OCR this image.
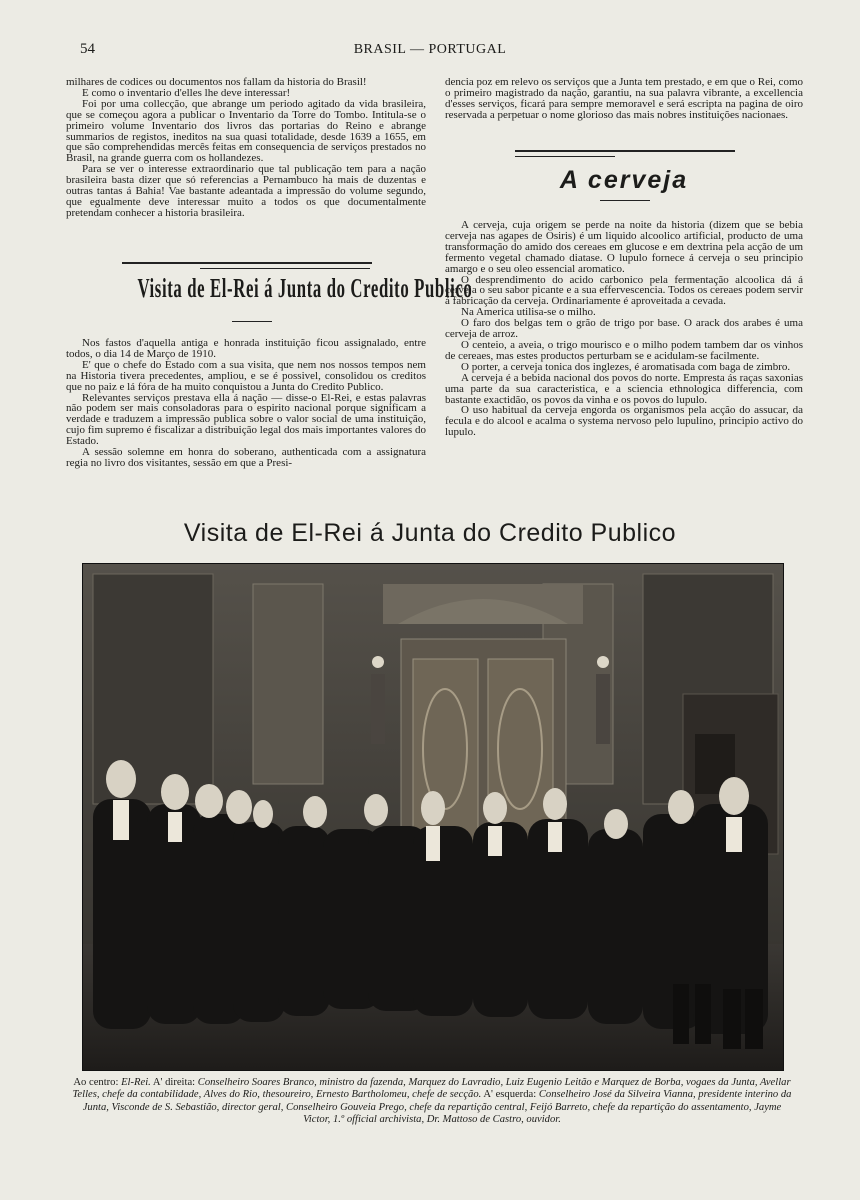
54	BRASIL — PORTUGAL

milhares de codices ou documentos nos fallam da historia do Brasil!

E como o inventario d'elles lhe deve interessar!

Foi por uma collecção, que abrange um periodo agitado da vida brasileira, que se começou agora a publicar o Inventario da Torre do Tombo. Intitula-se o primeiro volume Inventario dos livros das portarias do Reino e abrange summarios de registos, ineditos na sua quasi totalidade, desde 1639 a 1655, em que são comprehendidas mercês feitas em consequencia de serviços prestados no Brasil, na grande guerra com os hollandezes.

Para se ver o interesse extraordinario que tal publicação tem para a nação brasileira basta dizer que só referencias a Pernambuco ha mais de duzentas e outras tantas á Bahia! Vae bastante adeantada a impressão do volume segundo, que egualmente deve interessar muito a todos os que documentalmente pretendam conhecer a historia brasileira.

Visita de El-Rei á Junta do Credito Publico

Nos fastos d'aquella antiga e honrada instituição ficou assignalado, entre todos, o dia 14 de Março de 1910.

E' que o chefe do Estado com a sua visita, que nem nos nossos tempos nem na Historia tivera precedentes, ampliou, e se é possivel, consolidou os creditos que no paiz e lá fóra de ha muito conquistou a Junta do Credito Publico.

Relevantes serviços prestava ella á nação — disse-o El-Rei, e estas palavras não podem ser mais consoladoras para o espirito nacional porque significam a verdade e traduzem a impressão publica sobre o valor social de uma instituição, cujo fim supremo é fiscalizar a distribuição legal dos mais importantes valores do Estado.

A sessão solemne em honra do soberano, authenticada com a assignatura regia no livro dos visitantes, sessão em que a Presi-

dencia poz em relevo os serviços que a Junta tem prestado, e em que o Rei, como o primeiro magistrado da nação, garantiu, na sua palavra vibrante, a excellencia d'esses serviços, ficará para sempre memoravel e será escripta na pagina de oiro reservada a perpetuar o nome glorioso das mais nobres instituições nacionaes.

A cerveja

A cerveja, cuja origem se perde na noite da historia (dizem que se bebia cerveja nas agapes de Osiris) é um liquido alcoolico artificial, producto de uma transformação do amido dos cereaes em glucose e em dextrina pela acção de um fermento vegetal chamado diatase. O lupulo fornece á cerveja o seu principio amargo e o seu oleo essencial aromatico.

O desprendimento do acido carbonico pela fermentação alcoolica dá á cerveja o seu sabor picante e a sua effervescencia. Todos os cereaes podem servir á fabricação da cerveja. Ordinariamente é aproveitada a cevada.

Na America utilisa-se o milho.

O faro dos belgas tem o grão de trigo por base. O arack dos arabes é uma cerveja de arroz.

O centeio, a aveia, o trigo mourisco e o milho podem tambem dar os vinhos de cereaes, mas estes productos perturbam se e acidulam-se facilmente.

O porter, a cerveja tonica dos inglezes, é aromatisada com baga de zimbro.

A cerveja é a bebida nacional dos povos do norte. Empresta ás raças saxonias uma parte da sua caracteristica, e a sciencia ethnologica differencia, com bastante exactidão, os povos da vinha e os povos do lupulo.

O uso habitual da cerveja engorda os organismos pela acção do assucar, da fecula e do alcool e acalma o systema nervoso pelo lupulino, principio activo do lupulo.

Visita de El-Rei á Junta do Credito Publico
Ao centro: El-Rei. A' direita: Conselheiro Soares Branco, ministro da fazenda, Marquez do Lavradio, Luiz Eugenio Leitão e Marquez de Borba, vogaes da Junta, Avellar Telles, chefe da contabilidade, Alves do Rio, thesoureiro, Ernesto Bartholomeu, chefe de secção. A' esquerda: Conselheiro José da Silveira Vianna, presidente interino da Junta, Visconde de S. Sebastião, director geral, Conselheiro Gouveia Prego, chefe da repartição central, Feijó Barreto, chefe da repartição do assentamento, Jayme Victor, 1.º official archivista, Dr. Mattoso de Castro, ouvidor.
